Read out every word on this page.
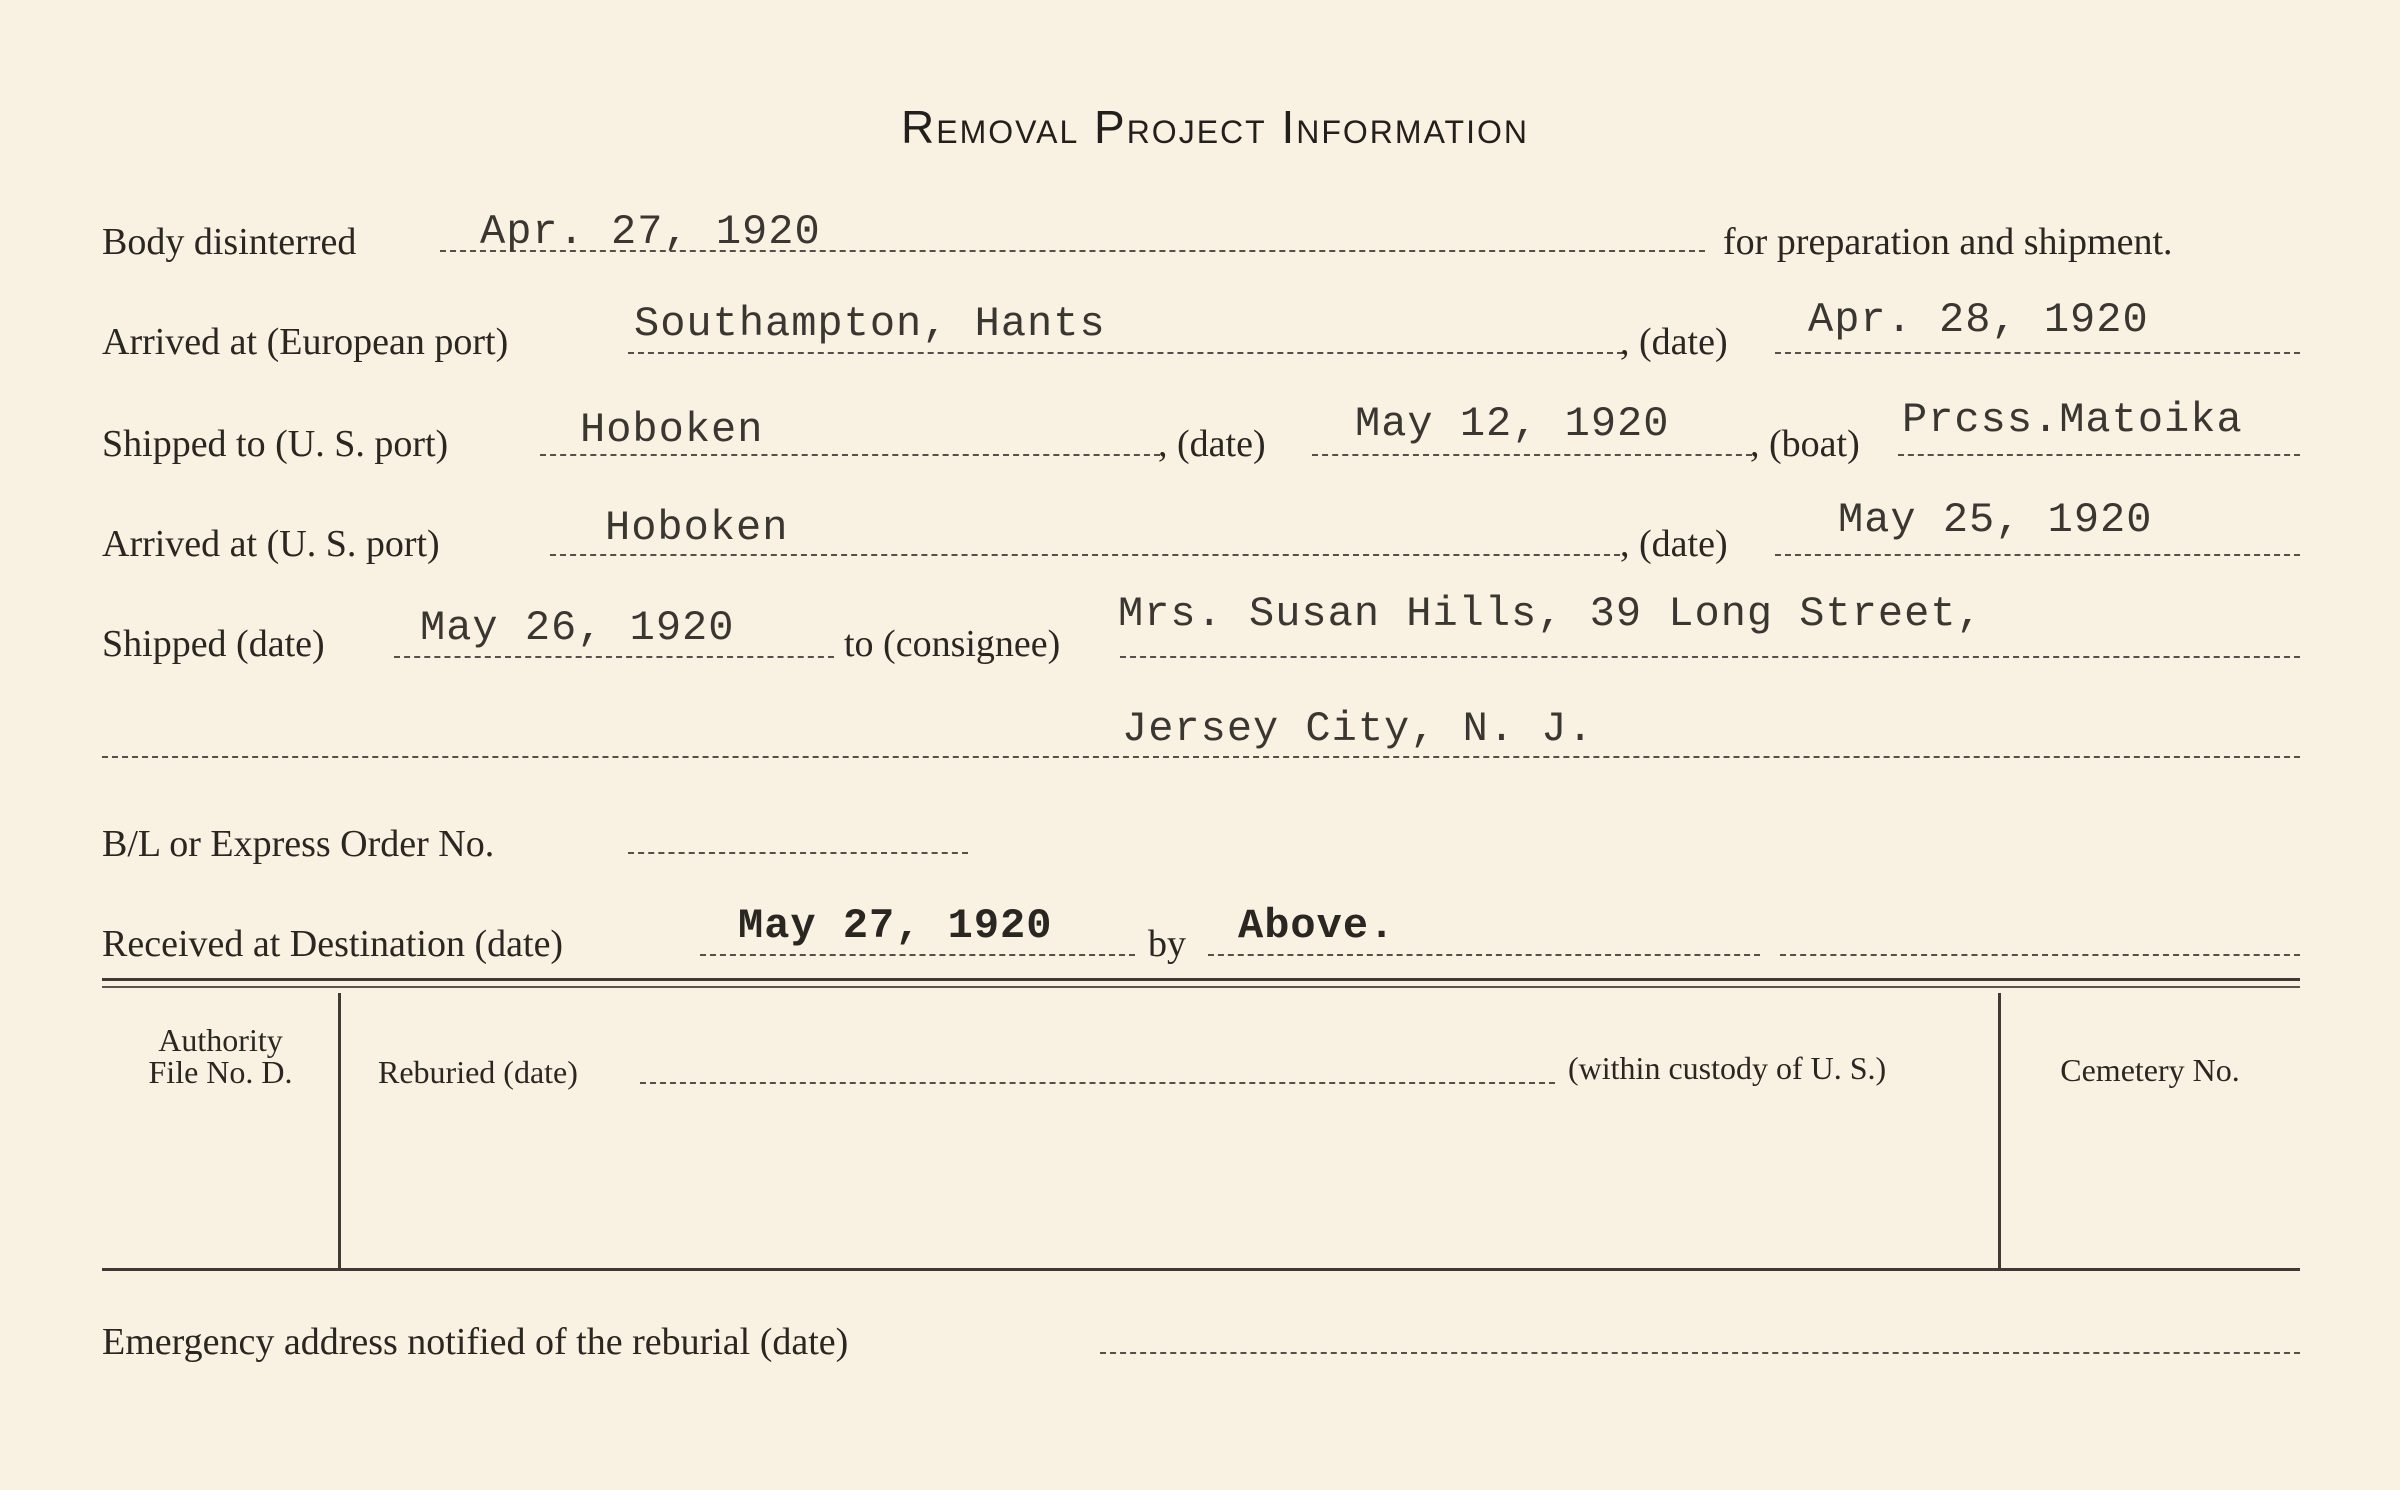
Removal Project Information
Body disinterred	Apr. 27, 1920	for preparation and shipment.
Arrived at (European port)	Southampton, Hants	, (date) Apr. 28, 1920
Shipped to (U. S. port)	Hoboken	, (date) May 12, 1920 , (boat) Prcss.Matoika
Arrived at (U. S. port)	Hoboken	, (date)	May 25, 1920
Shipped (date) May 26, 1920	to (consignee)
Mrs. Susan Hills, 39 Long Street,
Jersey City, N. J.
B/L or Express Order No.
Received at Destination (date)	May 27, 1920	by Above.
Authority
File No. D.	Reburied (date)	(within custody of U. S.)	Cemetery No.
Emergency address notified of the reburial (date)
